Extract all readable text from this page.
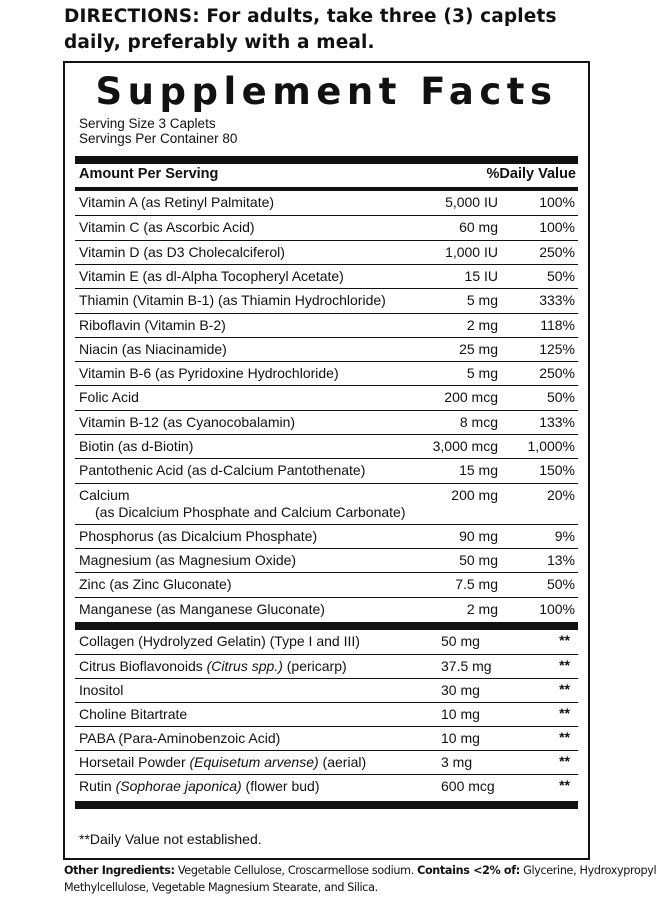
DIRECTIONS: For adults, take three (3) caplets daily, preferably with a meal.
Supplement Facts
Serving Size 3 Caplets
Servings Per Container 80
Amount Per Serving	%Daily Value
Vitamin A (as Retinyl Palmitate)	5,000 IU	100%
Vitamin C (as Ascorbic Acid)	60 mg	100%
Vitamin D (as D3 Cholecalciferol)	1,000 IU	250%
Vitamin E (as dl-Alpha Tocopheryl Acetate)	15 IU	50%
Thiamin (Vitamin B-1) (as Thiamin Hydrochloride)	5 mg	333%
Riboflavin (Vitamin B-2)	2 mg	118%
Niacin (as Niacinamide)	25 mg	125%
Vitamin B-6 (as Pyridoxine Hydrochloride)	5 mg	250%
Folic Acid	200 mcg	50%
Vitamin B-12 (as Cyanocobalamin)	8 mcg	133%
Biotin (as d-Biotin)	3,000 mcg 1,000%
Pantothenic Acid (as d-Calcium Pantothenate)	15 mg	150%
Calcium
(as Dicalcium Phosphate and Calcium Carbonate)
200 mg	20%
Phosphorus (as Dicalcium Phosphate)	90 mg	9%
Magnesium (as Magnesium Oxide)	50 mg	13%
Zinc (as Zinc Gluconate)	7.5 mg	50%
Manganese (as Manganese Gluconate)	2 mg	100%
Collagen (Hydrolyzed Gelatin) (Type I and III)	50 mg	**
Citrus Bioflavonoids (Citrus spp.) (pericarp)	37.5 mg	**
Inositol	30 mg	**
Choline Bitartrate	10 mg	**
PABA (Para-Aminobenzoic Acid)	10 mg	**
Horsetail Powder (Equisetum arvense) (aerial)	3 mg	**
Rutin (Sophorae japonica) (flower bud)	600 mcg	**
**Daily Value not established.
Other Ingredients: Vegetable Cellulose, Croscarmellose sodium. Contains <2% of: Glycerine, Hydroxypropyl Methylcellulose, Vegetable Magnesium Stearate, and Silica.
